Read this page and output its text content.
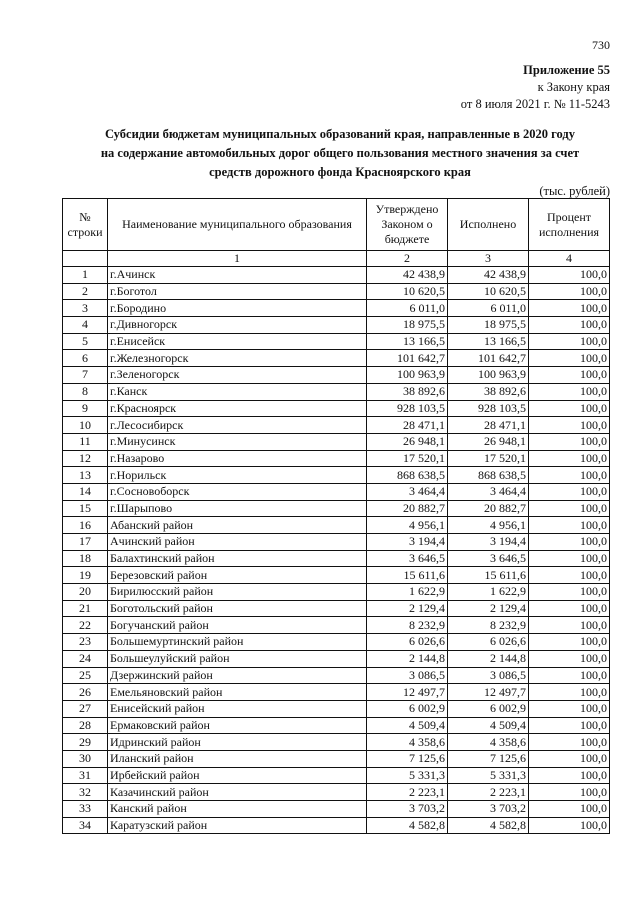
730
Приложение 55
к Закону края
от 8 июля 2021 г. № 11-5243
Субсидии бюджетам муниципальных образований края, направленные в 2020 году
на содержание автомобильных дорог общего пользования местного значения за счет
средств дорожного фонда Красноярского края
(тыс. рублей)
№ строки	Наименование муниципального образования	Утверждено Законом о бюджете	Исполнено	Процент исполнения
	1	2	3	4
1	г.Ачинск	42 438,9	42 438,9	100,0
2	г.Боготол	10 620,5	10 620,5	100,0
3	г.Бородино	6 011,0	6 011,0	100,0
4	г.Дивногорск	18 975,5	18 975,5	100,0
5	г.Енисейск	13 166,5	13 166,5	100,0
6	г.Железногорск	101 642,7	101 642,7	100,0
7	г.Зеленогорск	100 963,9	100 963,9	100,0
8	г.Канск	38 892,6	38 892,6	100,0
9	г.Красноярск	928 103,5	928 103,5	100,0
10	г.Лесосибирск	28 471,1	28 471,1	100,0
11	г.Минусинск	26 948,1	26 948,1	100,0
12	г.Назарово	17 520,1	17 520,1	100,0
13	г.Норильск	868 638,5	868 638,5	100,0
14	г.Сосновоборск	3 464,4	3 464,4	100,0
15	г.Шарыпово	20 882,7	20 882,7	100,0
16	Абанский район	4 956,1	4 956,1	100,0
17	Ачинский район	3 194,4	3 194,4	100,0
18	Балахтинский район	3 646,5	3 646,5	100,0
19	Березовский район	15 611,6	15 611,6	100,0
20	Бирилюсский район	1 622,9	1 622,9	100,0
21	Боготольский район	2 129,4	2 129,4	100,0
22	Богучанский район	8 232,9	8 232,9	100,0
23	Большемуртинский район	6 026,6	6 026,6	100,0
24	Большеулуйский район	2 144,8	2 144,8	100,0
25	Дзержинский район	3 086,5	3 086,5	100,0
26	Емельяновский район	12 497,7	12 497,7	100,0
27	Енисейский район	6 002,9	6 002,9	100,0
28	Ермаковский район	4 509,4	4 509,4	100,0
29	Идринский район	4 358,6	4 358,6	100,0
30	Иланский район	7 125,6	7 125,6	100,0
31	Ирбейский район	5 331,3	5 331,3	100,0
32	Казачинский район	2 223,1	2 223,1	100,0
33	Канский район	3 703,2	3 703,2	100,0
34	Каратузский район	4 582,8	4 582,8	100,0
